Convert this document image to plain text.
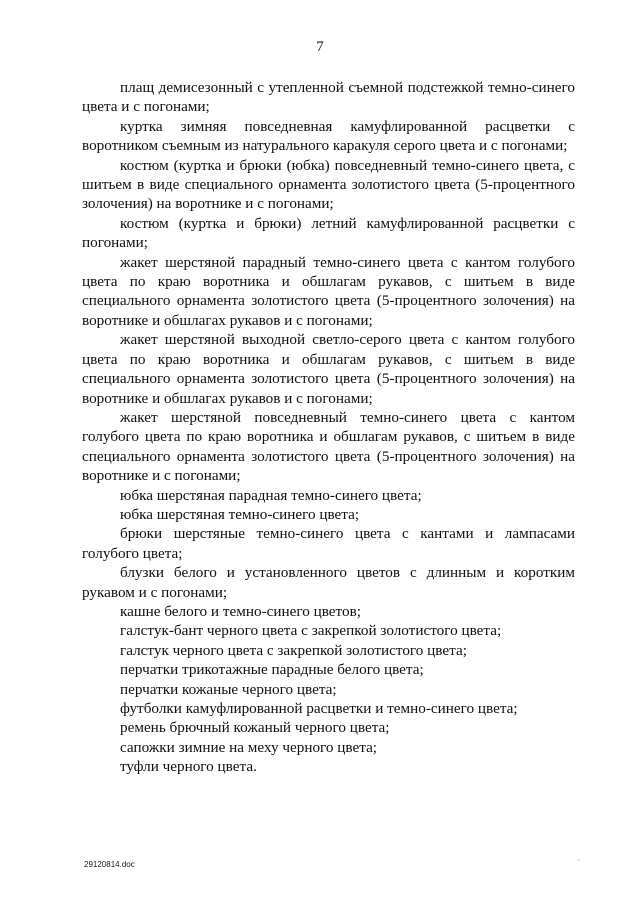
7

плащ демисезонный с утепленной съемной подстежкой темно-синего цвета и с погонами;

куртка зимняя повседневная камуфлированной расцветки с воротником съемным из натурального каракуля серого цвета и с погонами;

костюм (куртка и брюки (юбка) повседневный темно-синего цвета, с шитьем в виде специального орнамента золотистого цвета (5-процентного золочения) на воротнике и с погонами;

костюм (куртка и брюки) летний камуфлированной расцветки с погонами;

жакет шерстяной парадный темно-синего цвета с кантом голубого цвета по краю воротника и обшлагам рукавов, с шитьем в виде специального орнамента золотистого цвета (5-процентного золочения) на воротнике и обшлагах рукавов и с погонами;

жакет шерстяной выходной светло-серого цвета с кантом голубого цвета по краю воротника и обшлагам рукавов, с шитьем в виде специального орнамента золотистого цвета (5-процентного золочения) на воротнике и обшлагах рукавов и с погонами;

жакет шерстяной повседневный темно-синего цвета с кантом голубого цвета по краю воротника и обшлагам рукавов, с шитьем в виде специального орнамента золотистого цвета (5-процентного золочения) на воротнике и с погонами;

юбка шерстяная парадная темно-синего цвета;

юбка шерстяная темно-синего цвета;

брюки шерстяные темно-синего цвета с кантами и лампасами голубого цвета;

блузки белого и установленного цветов с длинным и коротким рукавом и с погонами;

кашне белого и темно-синего цветов;

галстук-бант черного цвета с закрепкой золотистого цвета;

галстук черного цвета с закрепкой золотистого цвета;

перчатки трикотажные парадные белого цвета;

перчатки кожаные черного цвета;

футболки камуфлированной расцветки и темно-синего цвета;

ремень брючный кожаный черного цвета;

сапожки зимние на меху черного цвета;

туфли черного цвета.

29120814.doc	'
